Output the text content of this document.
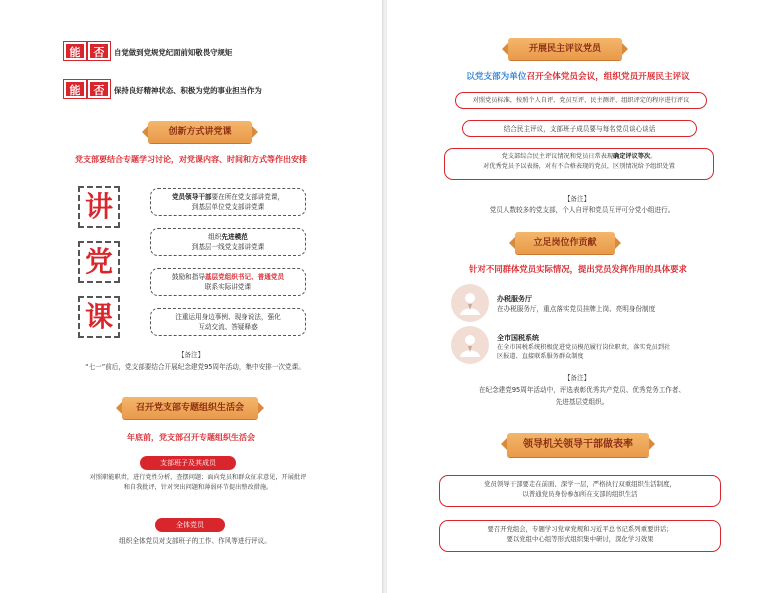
能	否	自觉做到党规党纪面前知敬畏守规矩
能	否	保持良好精神状态、积极为党的事业担当作为
创新方式讲党课
党支部要结合专题学习讨论，对党课内容、时间和方式等作出安排
讲
党
课
党员领导干部要在所在党支部讲党课，
到基层单位党支部讲党课
组织先进模范
到基层一线党支部讲党课
鼓励和指导基层党组织书记、普通党员
联系实际讲党课
注重运用身边事例、现身说法，强化
互动交流、答疑释惑
【备注】
“七一”前后，党支部要结合开展纪念建党95周年活动，集中安排一次党课。
召开党支部专题组织生活会
年底前，党支部召开专题组织生活会
支部班子及其成员
对照职能职责，进行党性分析，查摆问题；面向党员和群众征求意见，开展批评
和自我批评，针对突出问题和薄弱环节提出整改措施。
全体党员
组织全体党员对支部班子的工作、作风等进行评议。
开展民主评议党员
以党支部为单位召开全体党员会议，组织党员开展民主评议
对照党员标准，按照个人自评、党员互评、民主测评、组织评定的程序进行评议
结合民主评议，支部班子成员要与每名党员谈心谈话
党支部综合民主评议情况和党员日常表现确定评议等次。
对优秀党员予以表扬，对有不合格表现的党员，区别情况给予组织处置
【备注】
党员人数较多的党支部，个人自评和党员互评可分党小组进行。
立足岗位作贡献
针对不同群体党员实际情况，提出党员发挥作用的具体要求
办税服务厅
在办税服务厅，重点落实党员挂牌上岗、亮明身份制度
全市国税系统
在全市国税系统积极促进党员模范履行岗位职责，落实党员到社
区报道、直接联系服务群众制度
【备注】
在纪念建党95周年活动中，评选表彰优秀共产党员、优秀党务工作者、
先进基层党组织。
领导机关领导干部做表率
党员领导干部要走在前面、深学一层，严格执行双重组织生活制度，
以普通党员身份参加所在支部的组织生活
要召开党组会，专题学习党章党规和习近平总书记系列重要讲话；
要以党组中心组等形式组织集中研讨，深化学习效果
